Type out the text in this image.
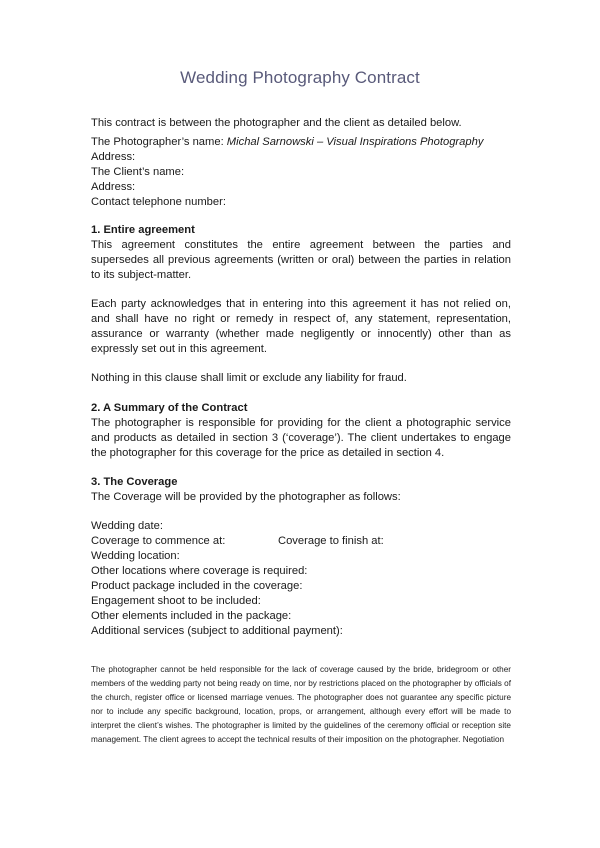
Wedding Photography Contract
This contract is between the photographer and the client as detailed below.
The Photographer’s name: Michal Sarnowski – Visual Inspirations Photography
Address:
The Client’s name:
Address:
Contact telephone number:
1. Entire agreement
This agreement constitutes the entire agreement between the parties and supersedes all previous agreements (written or oral) between the parties in relation to its subject-matter.
Each party acknowledges that in entering into this agreement it has not relied on, and shall have no right or remedy in respect of, any statement, representation, assurance or warranty (whether made negligently or innocently) other than as expressly set out in this agreement.
Nothing in this clause shall limit or exclude any liability for fraud.
2. A Summary of the Contract
The photographer is responsible for providing for the client a photographic service and products as detailed in section 3 (‘coverage’). The client undertakes to engage the photographer for this coverage for the price as detailed in section 4.
3. The Coverage
The Coverage will be provided by the photographer as follows:
Wedding date:
Coverage to commence at:	Coverage to finish at:
Wedding location:
Other locations where coverage is required:
Product package included in the coverage:
Engagement shoot to be included:
Other elements included in the package:
Additional services (subject to additional payment):
The photographer cannot be held responsible for the lack of coverage caused by the bride, bridegroom or other members of the wedding party not being ready on time, nor by restrictions placed on the photographer by officials of the church, register office or licensed marriage venues. The photographer does not guarantee any specific picture nor to include any specific background, location, props, or arrangement, although every effort will be made to interpret the client’s wishes. The photographer is limited by the guidelines of the ceremony official or reception site management. The client agrees to accept the technical results of their imposition on the photographer. Negotiation
